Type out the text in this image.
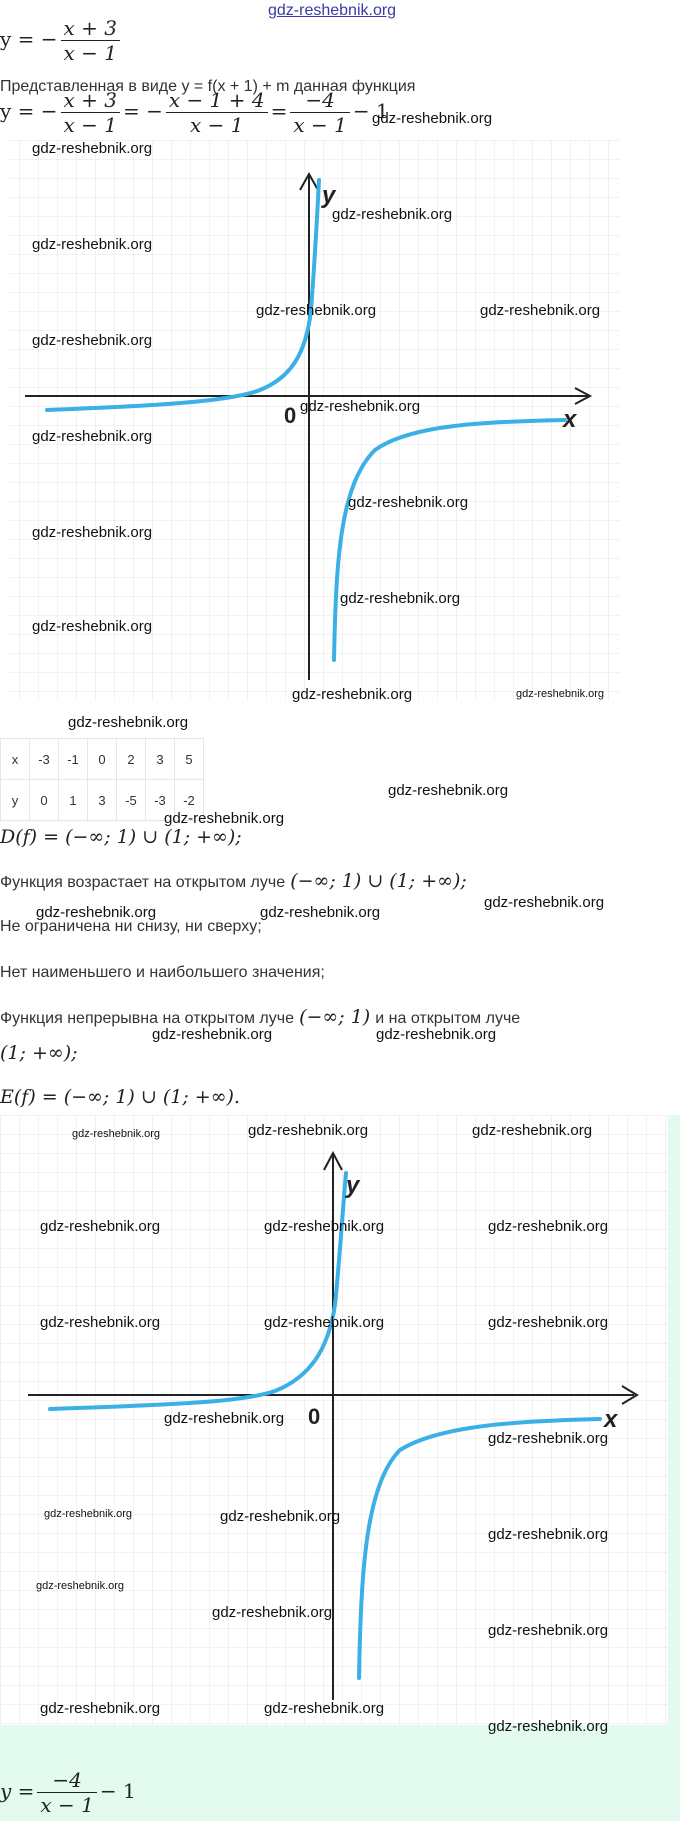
gdz-reshebnik.org
y = − $\frac{x + 3}{x - 1}$
Представленная в виде y = f(x + 1) + m данная функция
y = − $\frac{x + 3}{x - 1}$ = − $\frac{x - 1 + 4}{x - 1} = \frac{-4}{x - 1} - 1$
0	x
y
x	-3	-1	0	2	3	5
y	0	1	3	-5	-3	-2
D(f) = (−∞; 1) ∪ (1; +∞);
Функция возрастает на открытом луче (−∞; 1) ∪ (1; +∞);
Не ограничена ни снизу, ни сверху;
Нет наименьшего и наибольшего значения;
Функция непрерывна на открытом луче (−∞; 1) и на открытом луче
(1; +∞);
E(f) = (−∞; 1) ∪ (1; +∞).
0	x
y
$y = \frac{-4}{x - 1} - 1$
gdz-reshebnik.org
gdz-reshebnik.org
gdz-reshebnik.org
gdz-reshebnik.org
gdz-reshebnik.org	gdz-reshebnik.org
gdz-reshebnik.org
gdz-reshebnik.org
gdz-reshebnik.org
gdz-reshebnik.org
gdz-reshebnik.org
gdz-reshebnik.org
gdz-reshebnik.org
gdz-reshebnik.org	gdz-reshebnik.org
gdz-reshebnik.org
gdz-reshebnik.org
gdz-reshebnik.org
gdz-reshebnik.org
gdz-reshebnik.org	gdz-reshebnik.org
gdz-reshebnik.org	gdz-reshebnik.org
gdz-reshebnik.org	gdz-reshebnik.org	gdz-reshebnik.org
gdz-reshebnik.org	gdz-reshebnik.org	gdz-reshebnik.org
gdz-reshebnik.org	gdz-reshebnik.org	gdz-reshebnik.org
gdz-reshebnik.org
gdz-reshebnik.org
gdz-reshebnik.org	gdz-reshebnik.org
gdz-reshebnik.org
gdz-reshebnik.org
gdz-reshebnik.org
gdz-reshebnik.org
gdz-reshebnik.org	gdz-reshebnik.org
gdz-reshebnik.org
